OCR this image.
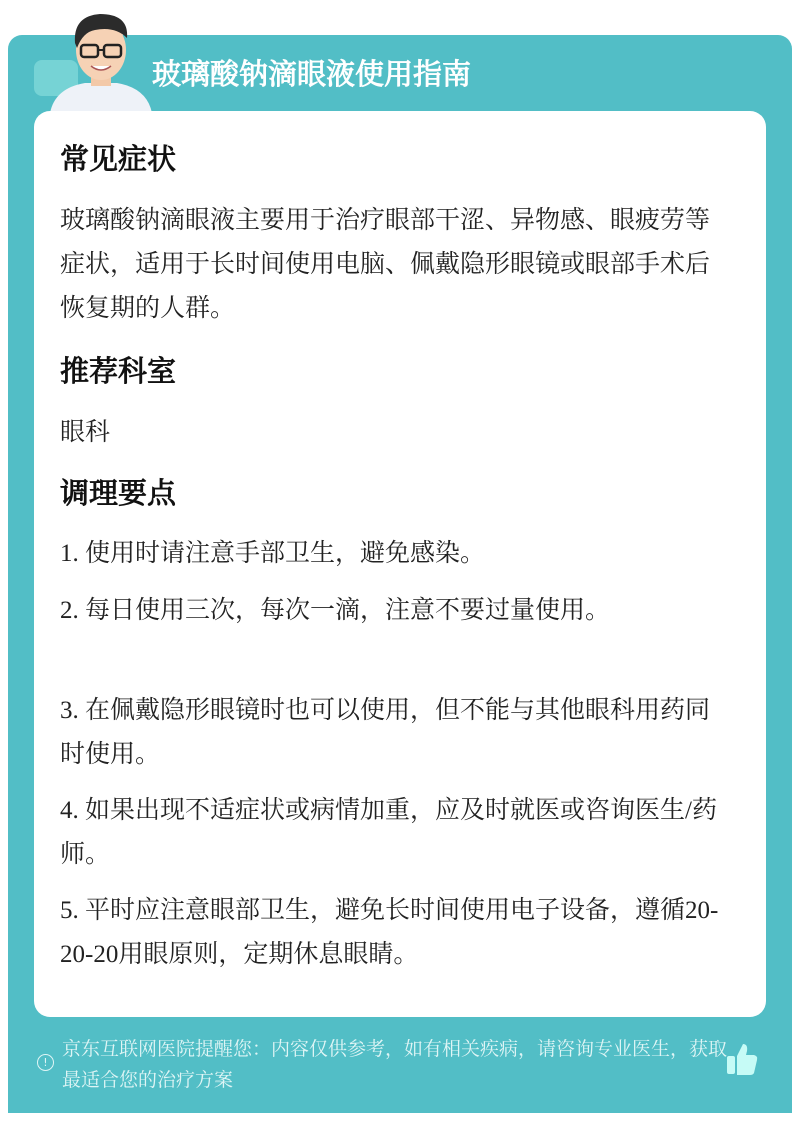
玻璃酸钠滴眼液使用指南
常见症状
玻璃酸钠滴眼液主要用于治疗眼部干涩、异物感、眼疲劳等症状，适用于长时间使用电脑、佩戴隐形眼镜或眼部手术后恢复期的人群。
推荐科室
眼科
调理要点
1. 使用时请注意手部卫生，避免感染。
2. 每日使用三次，每次一滴，注意不要过量使用。
3. 在佩戴隐形眼镜时也可以使用，但不能与其他眼科用药同时使用。
4. 如果出现不适症状或病情加重，应及时就医或咨询医生/药师。
5. 平时应注意眼部卫生，避免长时间使用电子设备，遵循20-20-20用眼原则，定期休息眼睛。
!
京东互联网医院提醒您：内容仅供参考，如有相关疾病，请咨询专业医生，获取最适合您的治疗方案
